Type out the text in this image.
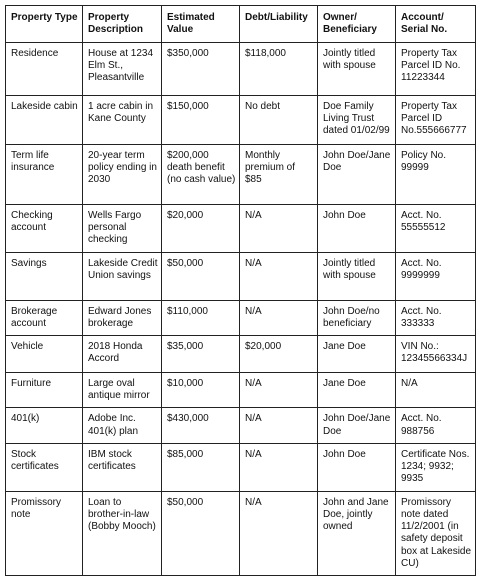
Property Type	Property Description	Estimated Value	Debt/Liability	Owner/ Beneficiary	Account/ Serial No.
Residence	House at 1234 Elm St., Pleasantville	$350,000	$118,000	Jointly titled with spouse	Property Tax Parcel ID No. 11223344
Lakeside cabin	1 acre cabin in Kane County	$150,000	No debt	Doe Family Living Trust dated 01/02/99	Property Tax Parcel ID No.555666777
Term life insurance	20-year term policy ending in 2030	$200,000 death benefit (no cash value)	Monthly premium of $85	John Doe/Jane Doe	Policy No. 99999
Checking account	Wells Fargo personal checking	$20,000	N/A	John Doe	Acct. No. 55555512
Savings	Lakeside Credit Union savings	$50,000	N/A	Jointly titled with spouse	Acct. No. 9999999
Brokerage account	Edward Jones brokerage	$110,000	N/A	John Doe/no beneficiary	Acct. No. 333333
Vehicle	2018 Honda Accord	$35,000	$20,000	Jane Doe	VIN No.: 12345566334J
Furniture	Large oval antique mirror	$10,000	N/A	Jane Doe	N/A
401(k)	Adobe Inc. 401(k) plan	$430,000	N/A	John Doe/Jane Doe	Acct. No. 988756
Stock certificates	IBM stock certificates	$85,000	N/A	John Doe	Certificate Nos. 1234; 9932; 9935
Promissory note	Loan to brother-in-law (Bobby Mooch)	$50,000	N/A	John and Jane Doe, jointly owned	Promissory note dated 11/2/2001 (in safety deposit box at Lakeside CU)
